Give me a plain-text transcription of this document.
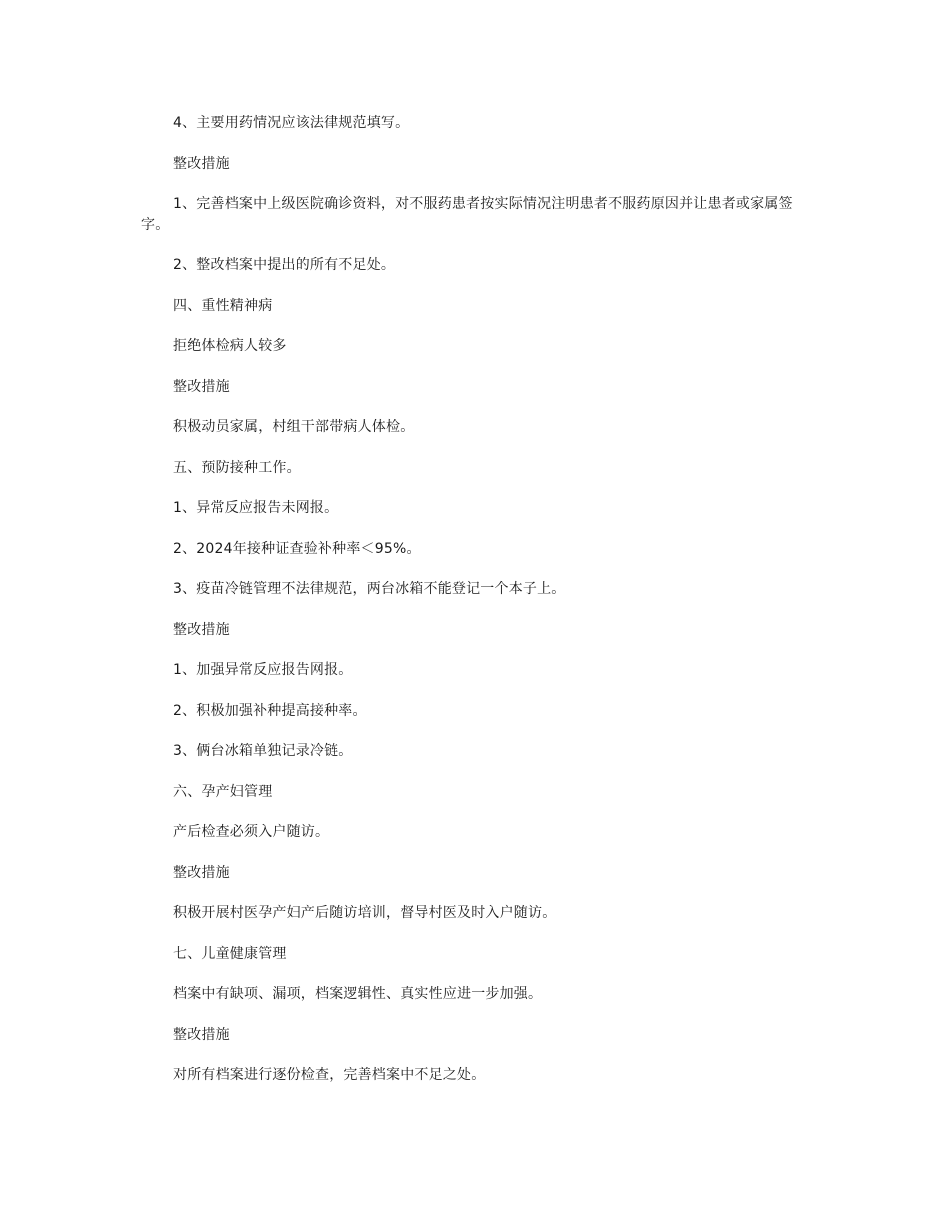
4、主要用药情况应该法律规范填写。

整改措施

1、完善档案中上级医院确诊资料，对不服药患者按实际情况注明患者不服药原因并让患者或家属签字。

2、整改档案中提出的所有不足处。

四、重性精神病

拒绝体检病人较多

整改措施

积极动员家属，村组干部带病人体检。

五、预防接种工作。

1、异常反应报告未网报。

2、2024年接种证查验补种率＜95%。

3、疫苗冷链管理不法律规范，两台冰箱不能登记一个本子上。

整改措施

1、加强异常反应报告网报。

2、积极加强补种提高接种率。

3、俩台冰箱单独记录冷链。

六、孕产妇管理

产后检查必须入户随访。

整改措施

积极开展村医孕产妇产后随访培训，督导村医及时入户随访。

七、儿童健康管理

档案中有缺项、漏项，档案逻辑性、真实性应进一步加强。

整改措施

对所有档案进行逐份检查，完善档案中不足之处。
